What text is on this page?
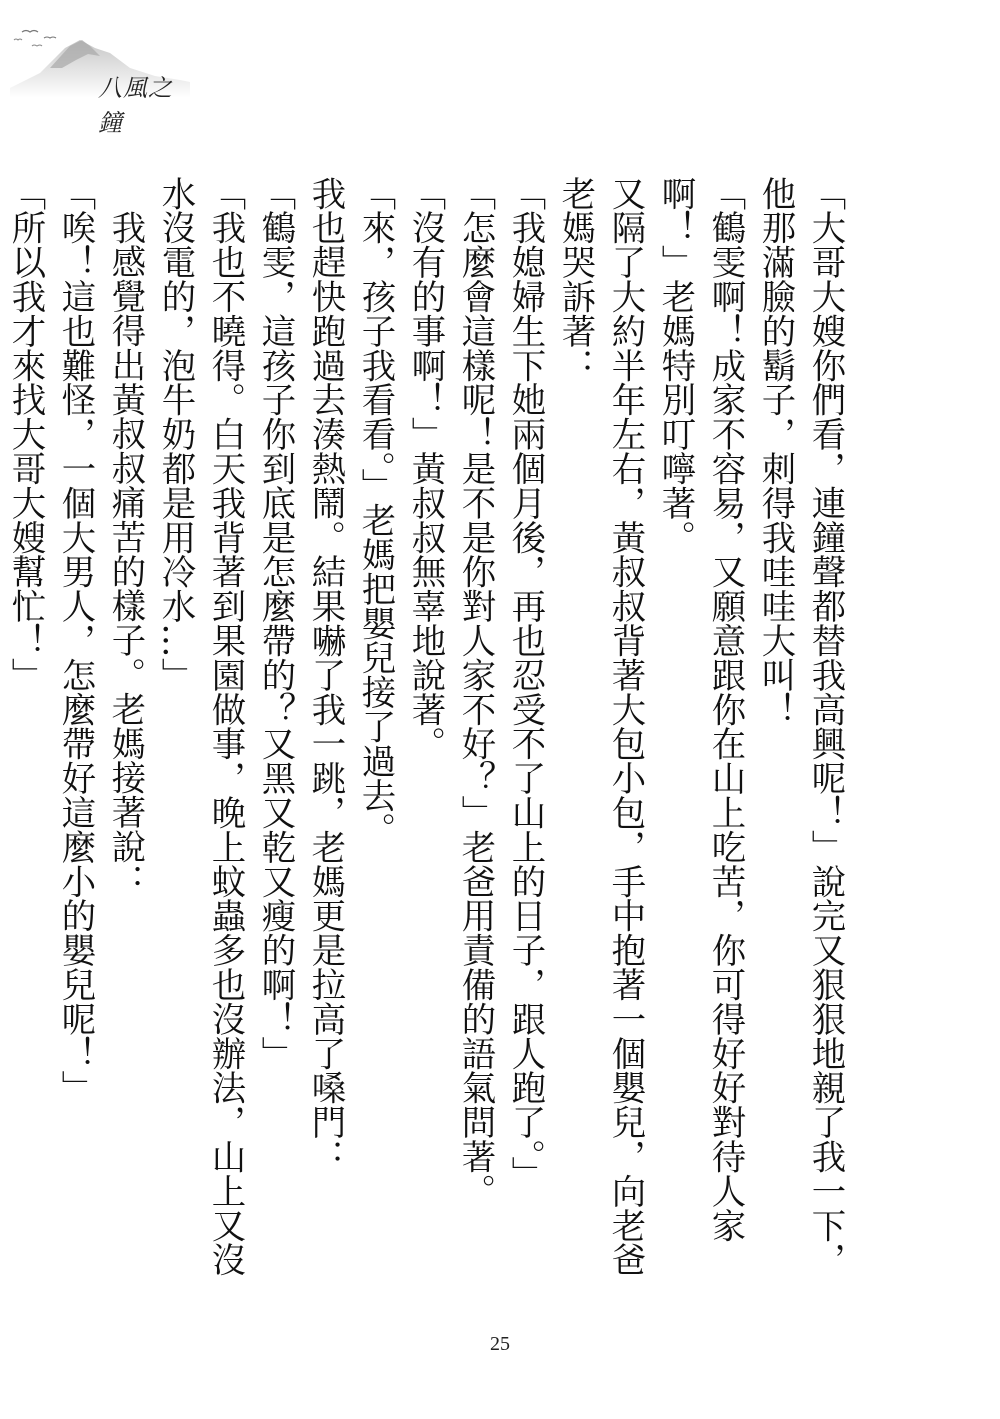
八風之鐘

「大哥大嫂你們看，連鐘聲都替我高興呢！」說完又狠狠地親了我一下，他那滿臉的鬍子，刺得我哇哇大叫！

「鶴雯啊！成家不容易，又願意跟你在山上吃苦，你可得好好對待人家啊！」老媽特別叮嚀著。

又隔了大約半年左右，黃叔叔背著大包小包，手中抱著一個嬰兒，向老爸老媽哭訴著：

「我媳婦生下她兩個月後，再也忍受不了山上的日子，跟人跑了。」

「怎麼會這樣呢！是不是你對人家不好？」老爸用責備的語氣問著。

「沒有的事啊！」黃叔叔無辜地說著。

「來，孩子我看看。」老媽把嬰兒接了過去。

我也趕快跑過去湊熱鬧。結果嚇了我一跳，老媽更是拉高了嗓門：

「鶴雯，這孩子你到底是怎麼帶的？又黑又乾又瘦的啊！」

「我也不曉得。白天我背著到果園做事，晚上蚊蟲多也沒辦法，山上又沒水沒電的，泡牛奶都是用冷水…」

我感覺得出黃叔叔痛苦的樣子。老媽接著說：

「唉！這也難怪，一個大男人，怎麼帶好這麼小的嬰兒呢！」

「所以我才來找大哥大嫂幫忙！」

25
